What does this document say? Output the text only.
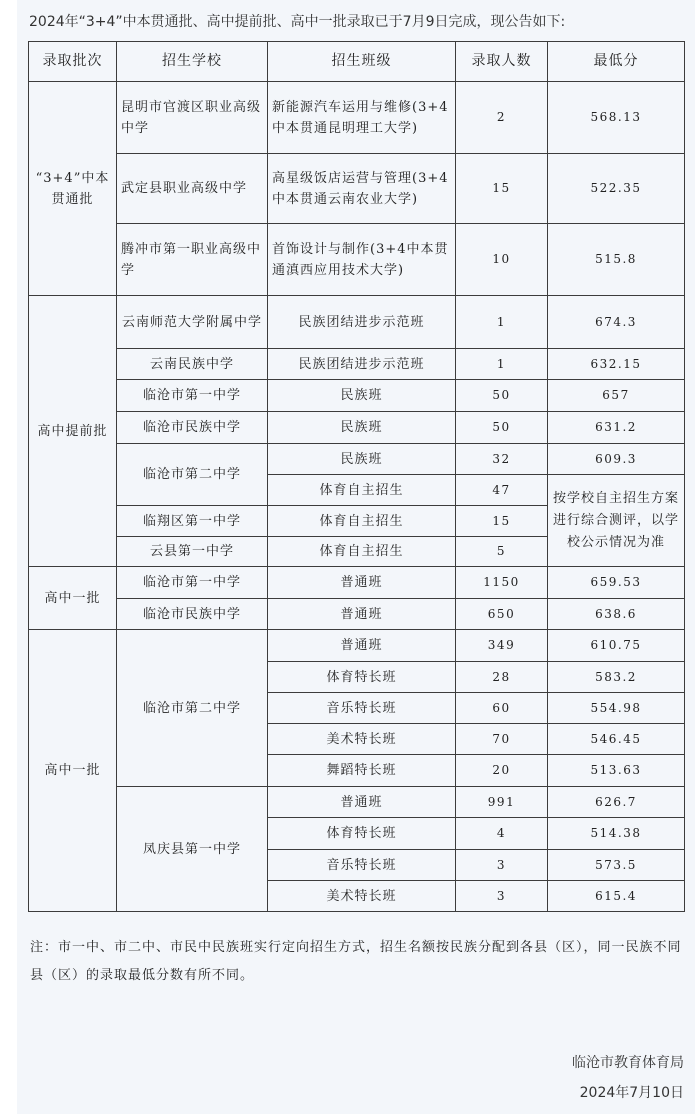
2024年“3+4”中本贯通批、高中提前批、高中一批录取已于7月9日完成，现公告如下:
录取批次	招生学校	招生班级	录取人数	最低分
“3+4”中本贯通批	昆明市官渡区职业高级中学	新能源汽车运用与维修(3+4中本贯通昆明理工大学)	2	568.13
	武定县职业高级中学	高星级饭店运营与管理(3+4中本贯通云南农业大学)	15	522.35
	腾冲市第一职业高级中学	首饰设计与制作(3+4中本贯通滇西应用技术大学)	10	515.8
高中提前批	云南师范大学附属中学	民族团结进步示范班	1	674.3
	云南民族中学	民族团结进步示范班	1	632.15
	临沧市第一中学	民族班	50	657
	临沧市民族中学	民族班	50	631.2
	临沧市第二中学	民族班	32	609.3
		体育自主招生	47	按学校自主招生方案进行综合测评，以学校公示情况为准
	临翔区第一中学	体育自主招生	15	
	云县第一中学	体育自主招生	5	
高中一批	临沧市第一中学	普通班	1150	659.53
	临沧市民族中学	普通班	650	638.6
高中一批	临沧市第二中学	普通班	349	610.75
		体育特长班	28	583.2
		音乐特长班	60	554.98
		美术特长班	70	546.45
		舞蹈特长班	20	513.63
	凤庆县第一中学	普通班	991	626.7
		体育特长班	4	514.38
		音乐特长班	3	573.5
		美术特长班	3	615.4
注：市一中、市二中、市民中民族班实行定向招生方式，招生名额按民族分配到各县（区），同一民族不同县（区）的录取最低分数有所不同。
临沧市教育体育局
2024年7月10日
